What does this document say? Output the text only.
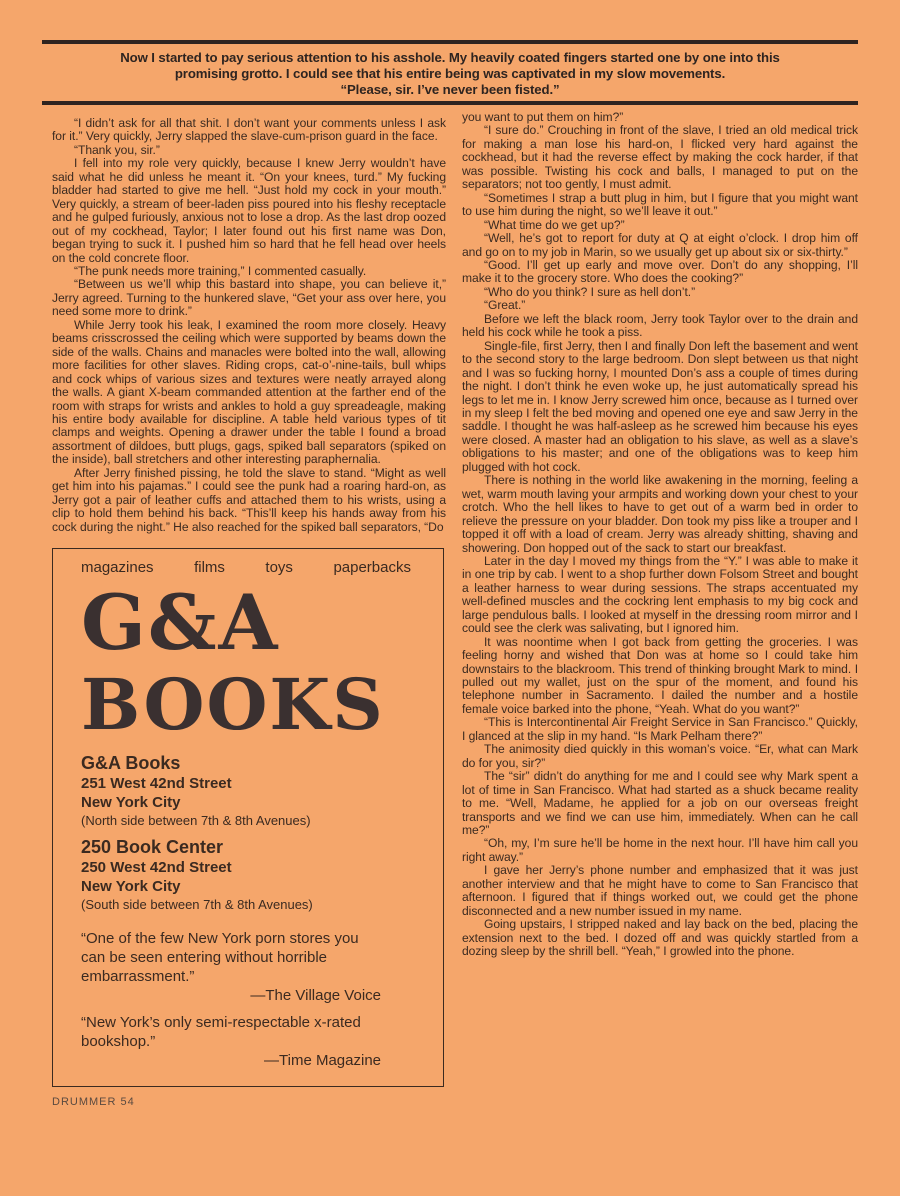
Now I started to pay serious attention to his asshole. My heavily coated fingers started one by one into this
promising grotto. I could see that his entire being was captivated in my slow movements.
“Please, sir. I’ve never been fisted.”

“I didn’t ask for all that shit. I don’t want your comments unless I ask for it.” Very quickly, Jerry slapped the slave-cum-prison guard in the face.

“Thank you, sir.”

I fell into my role very quickly, because I knew Jerry wouldn’t have said what he did unless he meant it. “On your knees, turd.” My fucking bladder had started to give me hell. “Just hold my cock in your mouth.” Very quickly, a stream of beer-laden piss poured into his fleshy receptacle and he gulped furiously, anxious not to lose a drop. As the last drop oozed out of my cockhead, Taylor; I later found out his first name was Don, began trying to suck it. I pushed him so hard that he fell head over heels on the cold concrete floor.

“The punk needs more training,” I commented casually.

“Between us we’ll whip this bastard into shape, you can believe it,” Jerry agreed. Turning to the hunkered slave, “Get your ass over here, you need some more to drink.”

While Jerry took his leak, I examined the room more closely. Heavy beams crisscrossed the ceiling which were supported by beams down the side of the walls. Chains and manacles were bolted into the wall, allowing more facilities for other slaves. Riding crops, cat-o’-nine-tails, bull whips and cock whips of various sizes and textures were neatly arrayed along the walls. A giant X-beam commanded attention at the farther end of the room with straps for wrists and ankles to hold a guy spreadeagle, making his entire body available for discipline. A table held various types of tit clamps and weights. Opening a drawer under the table I found a broad assortment of dildoes, butt plugs, gags, spiked ball separators (spiked on the inside), ball stretchers and other interesting paraphernalia.

After Jerry finished pissing, he told the slave to stand. “Might as well get him into his pajamas.” I could see the punk had a roaring hard-on, as Jerry got a pair of leather cuffs and attached them to his wrists, using a clip to hold them behind his back. “This’ll keep his hands away from his cock during the night.” He also reached for the spiked ball separators, “Do

magazines	films	toys	paperbacks
G&A
BOOKS
G&A Books
251 West 42nd Street
New York City
(North side between 7th & 8th Avenues)
250 Book Center
250 West 42nd Street
New York City
(South side between 7th & 8th Avenues)
“One of the few New York porn stores you can be seen entering without horrible embarrassment.”
—The Village Voice
“New York’s only semi-respectable x-rated bookshop.”
—Time Magazine
DRUMMER 54

you want to put them on him?”

“I sure do.” Crouching in front of the slave, I tried an old medical trick for making a man lose his hard-on, I flicked very hard against the cockhead, but it had the reverse effect by making the cock harder, if that was possible. Twisting his cock and balls, I managed to put on the separators; not too gently, I must admit.

“Sometimes I strap a butt plug in him, but I figure that you might want to use him during the night, so we’ll leave it out.”

“What time do we get up?”

“Well, he’s got to report for duty at Q at eight o’clock. I drop him off and go on to my job in Marin, so we usually get up about six or six-thirty.”

“Good. I’ll get up early and move over. Don’t do any shopping, I’ll make it to the grocery store. Who does the cooking?”

“Who do you think? I sure as hell don’t.”

“Great.”

Before we left the black room, Jerry took Taylor over to the drain and held his cock while he took a piss.

Single-file, first Jerry, then I and finally Don left the basement and went to the second story to the large bedroom. Don slept between us that night and I was so fucking horny, I mounted Don’s ass a couple of times during the night. I don’t think he even woke up, he just automatically spread his legs to let me in. I know Jerry screwed him once, because as I turned over in my sleep I felt the bed moving and opened one eye and saw Jerry in the saddle. I thought he was half-asleep as he screwed him because his eyes were closed. A master had an obligation to his slave, as well as a slave’s obligations to his master; and one of the obligations was to keep him plugged with hot cock.

There is nothing in the world like awakening in the morning, feeling a wet, warm mouth laving your armpits and working down your chest to your crotch. Who the hell likes to have to get out of a warm bed in order to relieve the pressure on your bladder. Don took my piss like a trouper and I topped it off with a load of cream. Jerry was already shitting, shaving and showering. Don hopped out of the sack to start our breakfast.

Later in the day I moved my things from the “Y.” I was able to make it in one trip by cab. I went to a shop further down Folsom Street and bought a leather harness to wear during sessions. The straps accentuated my well-defined muscles and the cockring lent emphasis to my big cock and large pendulous balls. I looked at myself in the dressing room mirror and I could see the clerk was salivating, but I ignored him.

It was noontime when I got back from getting the groceries. I was feeling horny and wished that Don was at home so I could take him downstairs to the blackroom. This trend of thinking brought Mark to mind. I pulled out my wallet, just on the spur of the moment, and found his telephone number in Sacramento. I dailed the number and a hostile female voice barked into the phone, “Yeah. What do you want?”

“This is Intercontinental Air Freight Service in San Francisco.” Quickly, I glanced at the slip in my hand. “Is Mark Pelham there?”

The animosity died quickly in this woman’s voice. “Er, what can Mark do for you, sir?”

The “sir” didn’t do anything for me and I could see why Mark spent a lot of time in San Francisco. What had started as a shuck became reality to me. “Well, Madame, he applied for a job on our overseas freight transports and we find we can use him, immediately. When can he call me?”

“Oh, my, I’m sure he’ll be home in the next hour. I’ll have him call you right away.”

I gave her Jerry’s phone number and emphasized that it was just another interview and that he might have to come to San Francisco that afternoon. I figured that if things worked out, we could get the phone disconnected and a new number issued in my name.

Going upstairs, I stripped naked and lay back on the bed, placing the extension next to the bed. I dozed off and was quickly startled from a dozing sleep by the shrill bell. “Yeah,” I growled into the phone.
